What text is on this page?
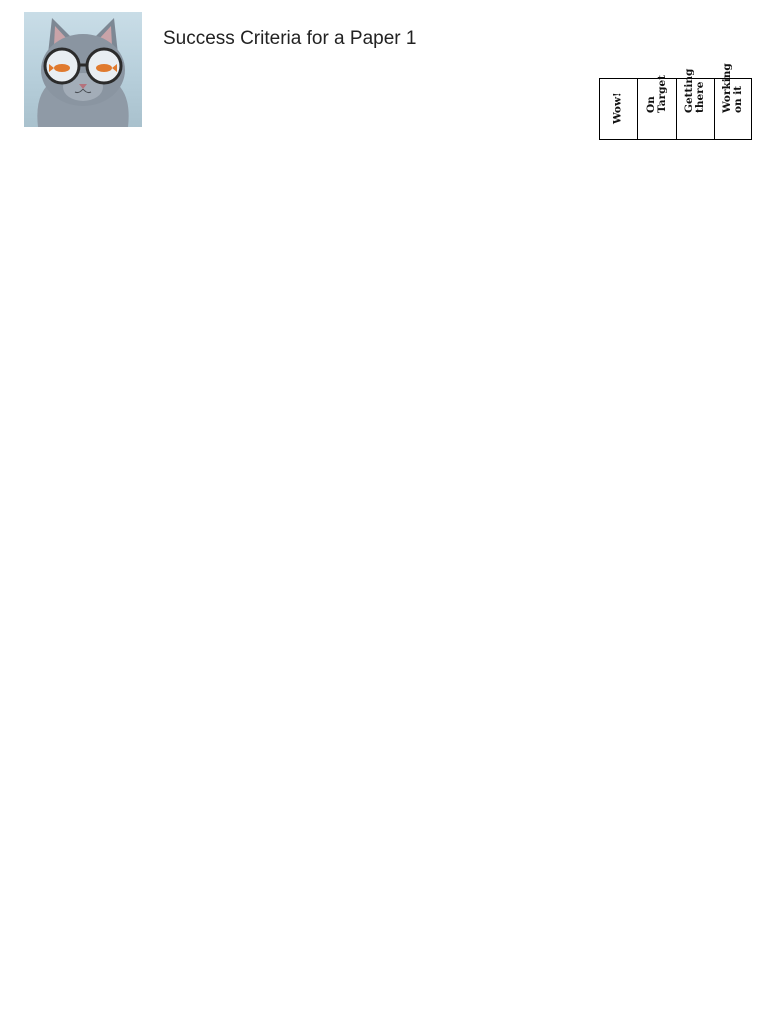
Success Criteria for a Paper 1

Wow!	On Target	Getting there	Working on it
